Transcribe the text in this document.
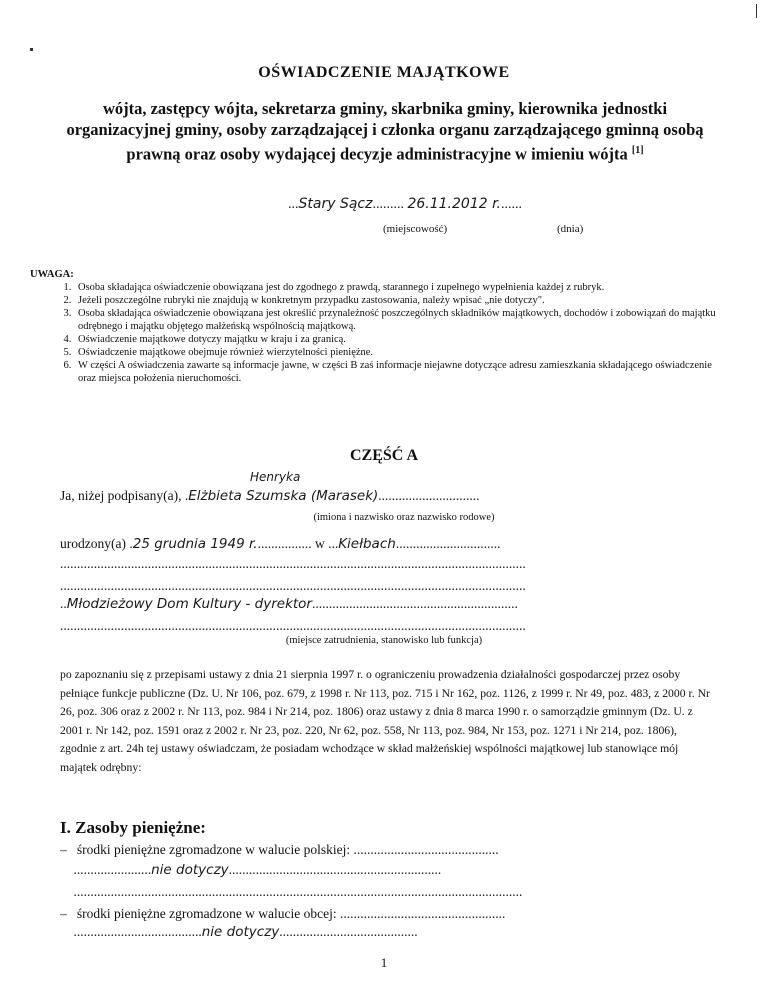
OŚWIADCZENIE MAJĄTKOWE
wójta, zastępcy wójta, sekretarza gminy, skarbnika gminy, kierownika jednostki organizacyjnej gminy, osoby zarządzającej i członka organu zarządzającego gminną osobą prawną oraz osoby wydającej decyzje administracyjne w imieniu wójta [1]
...Stary Sącz......... 26.11.2012 r.......
(miejscowość)	(dnia)
UWAGA:
1. Osoba składająca oświadczenie obowiązana jest do zgodnego z prawdą, starannego i zupełnego wypełnienia każdej z rubryk.
2. Jeżeli poszczególne rubryki nie znajdują w konkretnym przypadku zastosowania, należy wpisać „nie dotyczy".
3. Osoba składająca oświadczenie obowiązana jest określić przynależność poszczególnych składników majątkowych, dochodów i zobowiązań do majątku odrębnego i majątku objętego małżeńską wspólnością majątkową.
4. Oświadczenie majątkowe dotyczy majątku w kraju i za granicą.
5. Oświadczenie majątkowe obejmuje również wierzytelności pieniężne.
6. W części A oświadczenia zawarte są informacje jawne, w części B zaś informacje niejawne dotyczące adresu zamieszkania składającego oświadczenie oraz miejsca położenia nieruchomości.
CZĘŚĆ A
Henryka
Ja, niżej podpisany(a), .Elżbieta Szumska (Marasek)..............................
(imiona i nazwisko oraz nazwisko rodowe)
urodzony(a) .25 grudnia 1949 r................. w ...Kiełbach...............................
..........................................................................................................................................
..........................................................................................................................................
..Młodzieżowy Dom Kultury - dyrektor.............................................................
..........................................................................................................................................
(miejsce zatrudnienia, stanowisko lub funkcja)
po zapoznaniu się z przepisami ustawy z dnia 21 sierpnia 1997 r. o ograniczeniu prowadzenia działalności gospodarczej przez osoby pełniące funkcje publiczne (Dz. U. Nr 106, poz. 679, z 1998 r. Nr 113, poz. 715 i Nr 162, poz. 1126, z 1999 r. Nr 49, poz. 483, z 2000 r. Nr 26, poz. 306 oraz z 2002 r. Nr 113, poz. 984 i Nr 214, poz. 1806) oraz ustawy z dnia 8 marca 1990 r. o samorządzie gminnym (Dz. U. z 2001 r. Nr 142, poz. 1591 oraz z 2002 r. Nr 23, poz. 220, Nr 62, poz. 558, Nr 113, poz. 984, Nr 153, poz. 1271 i Nr 214, poz. 1806), zgodnie z art. 24h tej ustawy oświadczam, że posiadam wchodzące w skład małżeńskiej wspólności majątkowej lub stanowiące mój majątek odrębny:
I. Zasoby pieniężne:
–   środki pieniężne zgromadzone w walucie polskiej: ...........................................
.......................nie dotyczy...............................................................
.....................................................................................................................................
–   środki pieniężne zgromadzone w walucie obcej: .................................................
......................................nie dotyczy.........................................
1
